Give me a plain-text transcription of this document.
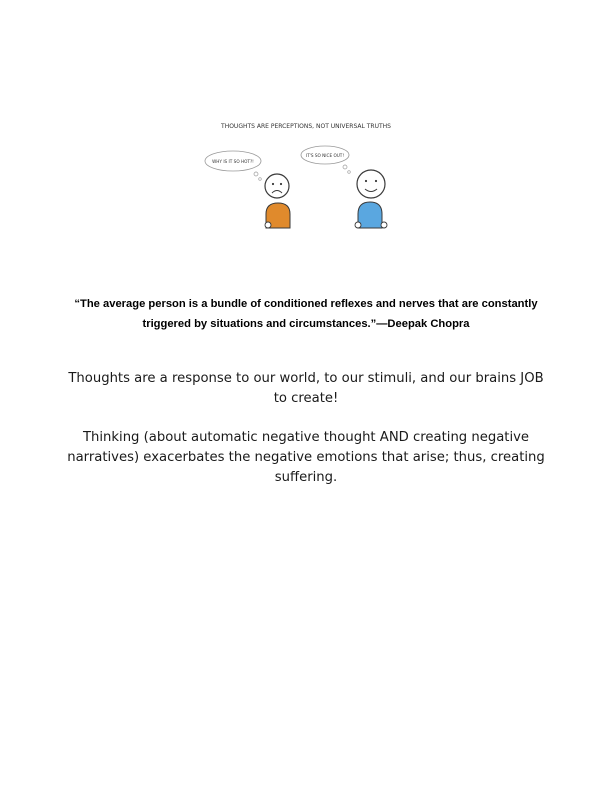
THOUGHTS ARE PERCEPTIONS, NOT UNIVERSAL TRUTHS
WHY IS IT SO HOT?!
IT'S SO NICE OUT!
“The average person is a bundle of conditioned reflexes and nerves that are constantly triggered by situations and circumstances.”—Deepak Chopra
Thoughts are a response to our world, to our stimuli, and our brains JOB to create!
Thinking (about automatic negative thought AND creating negative narratives) exacerbates the negative emotions that arise; thus, creating suffering.
